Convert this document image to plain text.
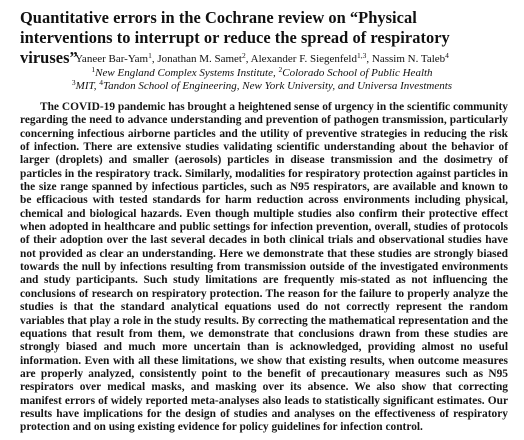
Quantitative errors in the Cochrane review on “Physical interventions to interrupt or reduce the spread of respiratory viruses”
Yaneer Bar-Yam$^1$, Jonathan M. Samet$^2$, Alexander F. Siegenfeld$^{1,3}$, Nassim N. Taleb$^4$
$^1$New England Complex Systems Institute, $^2$Colorado School of Public Health
$^3$MIT, $^4$Tandon School of Engineering, New York University, and Universa Investments

The COVID-19 pandemic has brought a heightened sense of urgency in the scientific community regarding the need to advance understanding and prevention of pathogen transmission, particularly concerning infectious airborne particles and the utility of preventive strategies in reducing the risk of infection. There are extensive studies validating scientific understanding about the behavior of larger (droplets) and smaller (aerosols) particles in disease transmission and the dosimetry of particles in the respiratory track. Similarly, modalities for respiratory protection against particles in the size range spanned by infectious particles, such as N95 respirators, are available and known to be efficacious with tested standards for harm reduction across environments including physical, chemical and biological hazards. Even though multiple studies also confirm their protective effect when adopted in healthcare and public settings for infection prevention, overall, studies of protocols of their adoption over the last several decades in both clinical trials and observational studies have not provided as clear an understanding. Here we demonstrate that these studies are strongly biased towards the null by infections resulting from transmission outside of the investigated environments and study participants. Such study limitations are frequently mis-stated as not influencing the conclusions of research on respiratory protection. The reason for the failure to properly analyze the studies is that the standard analytical equations used do not correctly represent the random variables that play a role in the study results. By correcting the mathematical representation and the equations that result from them, we demonstrate that conclusions drawn from these studies are strongly biased and much more uncertain than is acknowledged, providing almost no useful information. Even with all these limitations, we show that existing results, when outcome measures are properly analyzed, consistently point to the benefit of precautionary measures such as N95 respirators over medical masks, and masking over its absence. We also show that correcting manifest errors of widely reported meta-analyses also leads to statistically significant estimates. Our results have implications for the design of studies and analyses on the effectiveness of respiratory protection and on using existing evidence for policy guidelines for infection control.
